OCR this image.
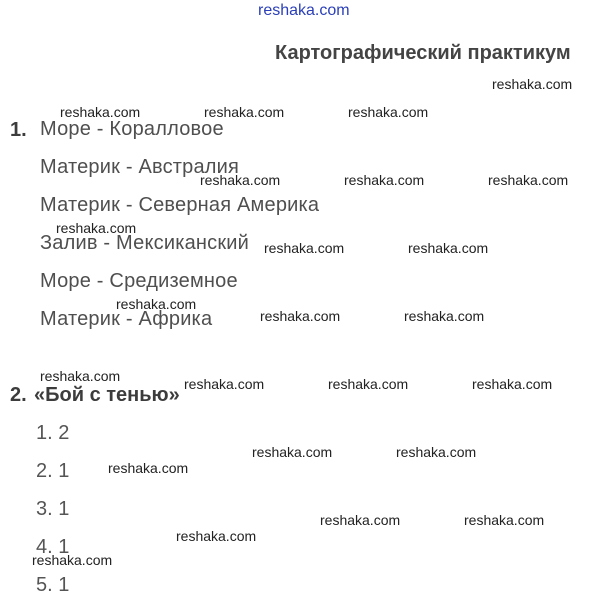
reshaka.com
Картографический практикум
1. Море - Коралловое
Материк - Австралия
Материк - Северная Америка
Залив - Мексиканский
Море - Средиземное
Материк - Африка
2. «Бой с тенью»
1. 2
2. 1
3. 1
4. 1
5. 1
reshaka.com
reshaka.com	reshaka.com	reshaka.com
reshaka.com	reshaka.com	reshaka.com
reshaka.com
reshaka.com	reshaka.com
reshaka.com
reshaka.com	reshaka.com
reshaka.com	reshaka.com	reshaka.com	reshaka.com
reshaka.com	reshaka.com
reshaka.com
reshaka.com	reshaka.com
reshaka.com
reshaka.com
